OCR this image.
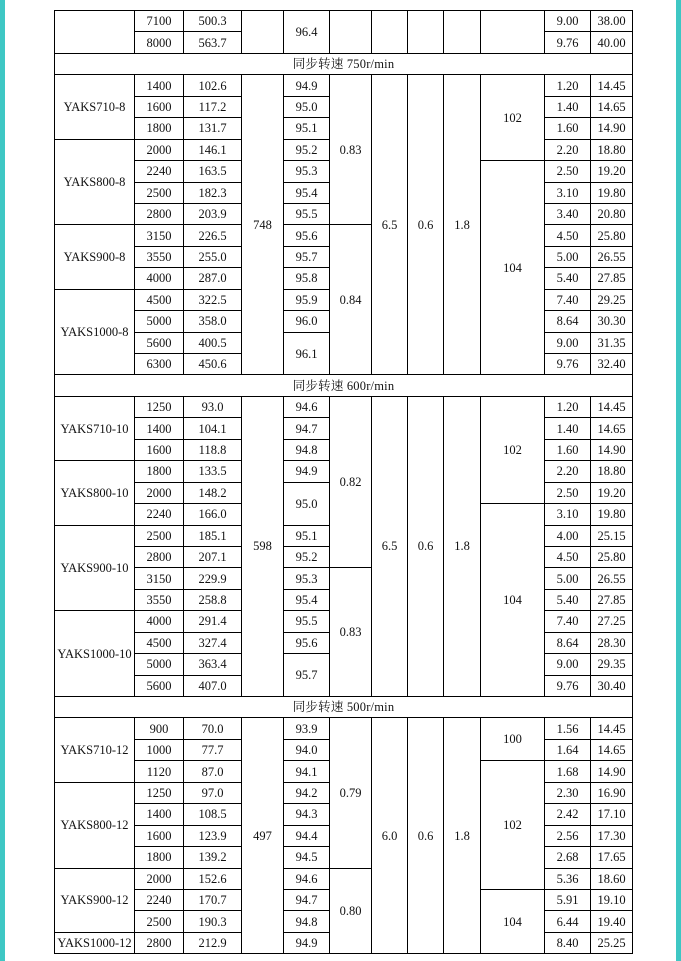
	7100	500.3		96.4						9.00	38.00
	8000	563.7								9.76	40.00
同步转速 750r/min											
YAKS710-8	1400	102.6	748	94.9	0.83	6.5	0.6	1.8	102	1.20	14.45
	1600	117.2		95.0						1.40	14.65
	1800	131.7		95.1						1.60	14.90
YAKS800-8	2000	146.1		95.2						2.20	18.80
	2240	163.5		95.3					104	2.50	19.20
	2500	182.3		95.4						3.10	19.80
	2800	203.9		95.5						3.40	20.80
YAKS900-8	3150	226.5		95.6	0.84					4.50	25.80
	3550	255.0		95.7						5.00	26.55
	4000	287.0		95.8						5.40	27.85
YAKS1000-8	4500	322.5		95.9						7.40	29.25
	5000	358.0		96.0						8.64	30.30
	5600	400.5		96.1						9.00	31.35
	6300	450.6								9.76	32.40
同步转速 600r/min											
YAKS710-10	1250	93.0	598	94.6	0.82	6.5	0.6	1.8	102	1.20	14.45
	1400	104.1		94.7						1.40	14.65
	1600	118.8		94.8						1.60	14.90
YAKS800-10	1800	133.5		94.9						2.20	18.80
	2000	148.2		95.0						2.50	19.20
	2240	166.0							104	3.10	19.80
YAKS900-10	2500	185.1		95.1						4.00	25.15
	2800	207.1		95.2						4.50	25.80
	3150	229.9		95.3	0.83					5.00	26.55
	3550	258.8		95.4						5.40	27.85
YAKS1000-10	4000	291.4		95.5						7.40	27.25
	4500	327.4		95.6						8.64	28.30
	5000	363.4		95.7						9.00	29.35
	5600	407.0								9.76	30.40
同步转速 500r/min											
YAKS710-12	900	70.0	497	93.9	0.79	6.0	0.6	1.8	100	1.56	14.45
	1000	77.7		94.0						1.64	14.65
	1120	87.0		94.1					102	1.68	14.90
YAKS800-12	1250	97.0		94.2						2.30	16.90
	1400	108.5		94.3						2.42	17.10
	1600	123.9		94.4						2.56	17.30
	1800	139.2		94.5						2.68	17.65
YAKS900-12	2000	152.6		94.6	0.80					5.36	18.60
	2240	170.7		94.7					104	5.91	19.10
	2500	190.3		94.8						6.44	19.40
YAKS1000-12	2800	212.9		94.9						8.40	25.25
